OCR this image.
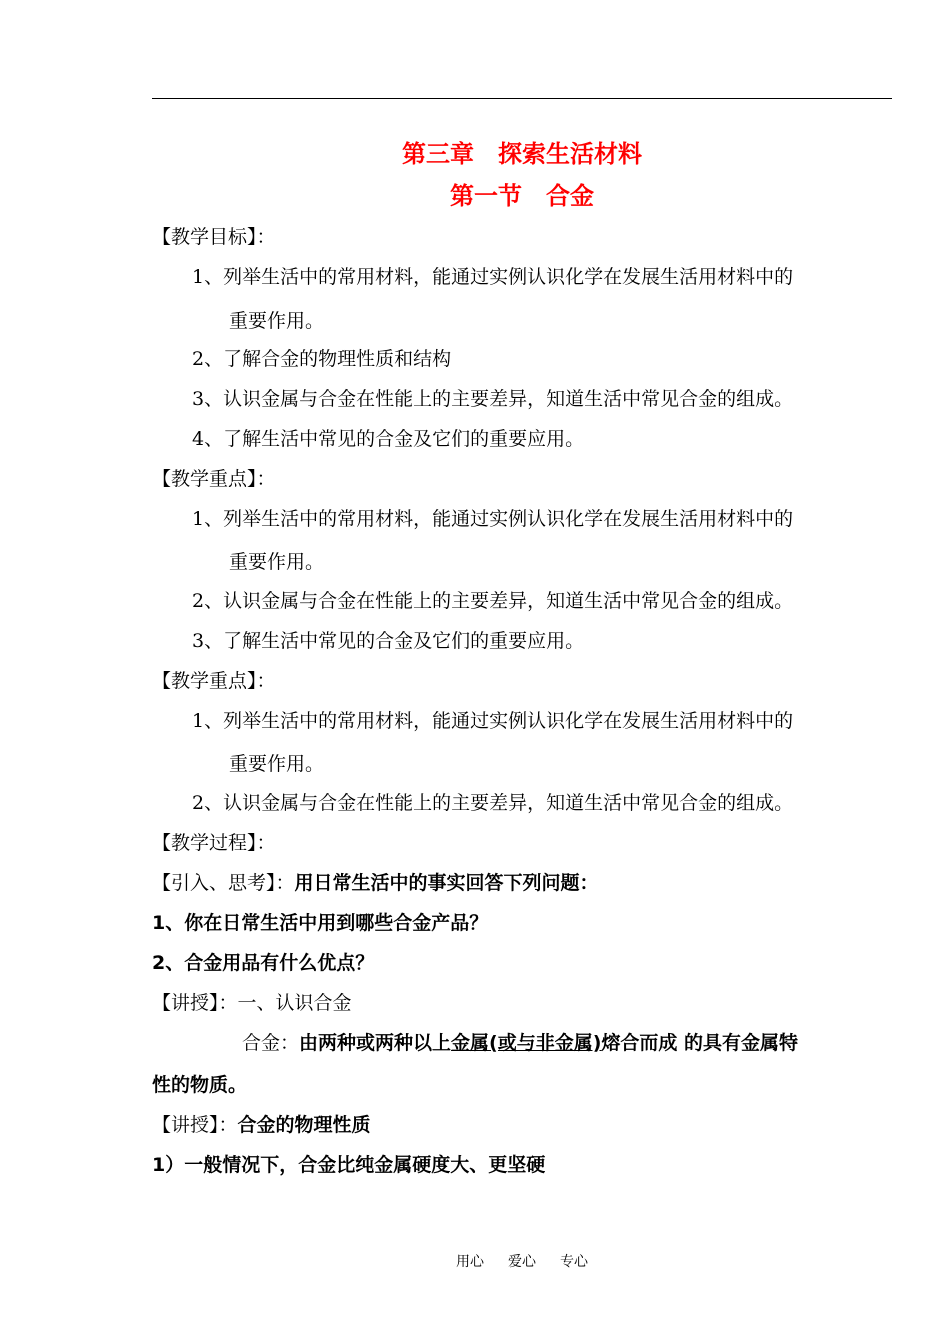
第三章　探索生活材料
第一节　合金
【教学目标】：
1、列举生活中的常用材料，能通过实例认识化学在发展生活用材料中的
重要作用。
2、了解合金的物理性质和结构
3、认识金属与合金在性能上的主要差异，知道生活中常见合金的组成。
4、了解生活中常见的合金及它们的重要应用。
【教学重点】：
1、列举生活中的常用材料，能通过实例认识化学在发展生活用材料中的
重要作用。
2、认识金属与合金在性能上的主要差异，知道生活中常见合金的组成。
3、了解生活中常见的合金及它们的重要应用。
【教学重点】：
1、列举生活中的常用材料，能通过实例认识化学在发展生活用材料中的
重要作用。
2、认识金属与合金在性能上的主要差异，知道生活中常见合金的组成。
【教学过程】：
【引入、思考】：用日常生活中的事实回答下列问题：
1、你在日常生活中用到哪些合金产品？
2、合金用品有什么优点？
【讲授】：一、认识合金
合金：由两种或两种以上金属(或与非金属)熔合而成 的具有金属特
性的物质。
【讲授】：合金的物理性质
1）一般情况下，合金比纯金属硬度大、更坚硬
用心 爱心 专心
